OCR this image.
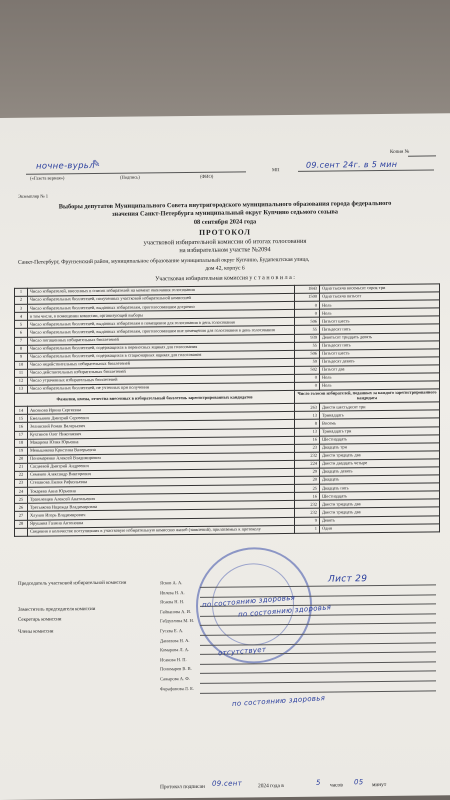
Копия №
ночне-вурьл
✎	09.сент 24г. в 5 мин
(«Газета верная»)	(Подпись)	(ФИО)
МП
Экземпляр № 1
Выборы депутатов Муниципального Совета внутригородского муниципального образования города федерального
значения Санкт-Петербурга муниципальный округ Купчино седьмого созыва
08 сентября 2024 года
ПРОТОКОЛ
участковой избирательной комиссии об итогах голосования
на избирательном участке №2094
Санкт-Петербург, Фрунзенский район, муниципальное образование муниципальный округ Купчино, Будапештская улица,
дом 42, корпус 6
Участковая избирательная комиссия у с т а н о в и л а :
1	Число избирателей, внесенных в список избирателей на момент окончания голосования	1843	Одна тысяча восемьсот сорок три
2	Число избирательных бюллетеней, полученных участковой избирательной комиссией	1500	Одна тысяча пятьсот
3	Число избирательных бюллетеней, выданных избирателям, проголосовавшим досрочно	0	Ноль
4	в том числе, в помещении комиссии, организующей выборы	0	Ноль
5	Число избирательных бюллетеней, выданных избирателям в помещении для голосования в день голосования	506	Пятьсот шесть
6	Число избирательных бюллетеней, выданных избирателям, проголосовавшим вне помещения для голосования в день голосования	55	Пятьдесят пять
7	Число погашенных избирательных бюллетеней	939	Девятьсот тридцать девять
8	Число избирательных бюллетеней, содержащихся в переносных ящиках для голосования	55	Пятьдесят пять
9	Число избирательных бюллетеней, содержащихся в стационарных ящиках для голосования	506	Пятьсот шесть
10	Число недействительных избирательных бюллетеней	59	Пятьдесят девять
11	Число действительных избирательных бюллетеней	502	Пятьсот два
12	Число утраченных избирательных бюллетеней	0	Ноль
13	Число избирательных бюллетеней, не учтенных при получении	0	Ноль
Фамилии, имена, отчества внесенных в избирательный бюллетень зарегистрированных кандидатов		Число голосов избирателей, поданных за каждого зарегистрированного кандидата	
14	Аксенова Ирина Сергеевна	263	Двести шестьдесят три
15	Емельянов Дмитрий Сергеевич	13	Тринадцать
16	Зелинский Роман Валерьевич	8	Восемь
17	Кухтинов Олег Николаевич	13	Тринадцать три
18	Макарова Юлия Юрьевна	16	Шестнадцать
19	Меньшикова Кристина Валерьевна	23	Двадцать три
20	Пономаренко Алексей Владимирович	232	Двести тридцать два
21	Сагдеевой Дмитрий Андреевич	224	Двести двадцать четыре
22	Семенов Александр Викторович	29	Двадцать девять
23	Степанова Лилия Рафаэльевна	20	Двадцать
24	Токарева Анна Юрьевна	25	Двадцать пять
25	Трагелевцев Алексей Анатольевич	16	Шестнадцать
26	Третьякова Надежда Владимировна	232	Двести тридцать два
27	Хлунов Игорь Владимирович	232	Двести тридцать два
28	Ярушина Галина Антоновна	9	Девять
	Сведения о количестве поступивших в участковую избирательную комиссию жалоб (заявлений), прилагаемых к протоколу	1	Один
Лист 29
Председатель участковой избирательной комиссии
Заместитель председателя комиссии
Секретарь комиссии
Члены комиссии
Ясков А. А.
Ивлева Н. А.
Ясаева Н. Н.
Гайнанова А. И.
Габдуллина М. Н.
Гусева Е. А.
Данилова Н. А.
Комарова Л. А.
Исакова Н. П.
Пономарев В. В.
Сажарова А. Ф.
Фарафонова Л. Е.
по состоянию здоровья
по состоянию здоровья
отсутствует
по состоянию здоровья
Протокол подписан 09.сент	2024 года в	5 часов 05 минут
